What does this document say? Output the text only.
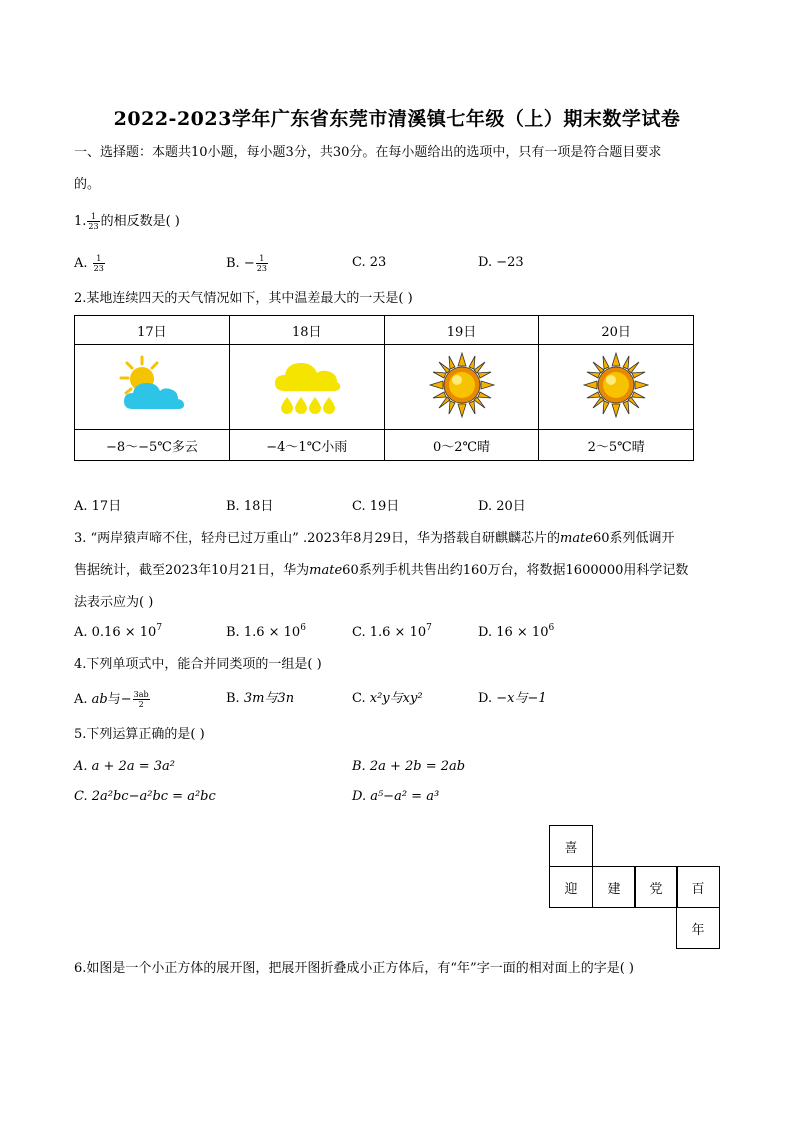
2022-2023学年广东省东莞市清溪镇七年级（上）期末数学试卷
一、选择题：本题共10小题，每小题3分，共30分。在每小题给出的选项中，只有一项是符合题目要求
的。
1. $\frac{1}{23}$ 的相反数是( )
A. $\frac{1}{23}$	B. − $\frac{1}{23}$	C. 23	D. −23
2.某地连续四天的天气情况如下，其中温差最大的一天是( )
17日	18日	19日	20日

−8～−5℃多云	−4～1℃小雨	0～2℃晴	2～5℃晴
A. 17日	B. 18日	C. 19日	D. 20日
3. “两岸猿声啼不住，轻舟已过万重山” .2023年8月29日，华为搭载自研麒麟芯片的mate60系列低调开
售据统计，截至2023年10月21日，华为mate60系列手机共售出约160万台，将数据1600000用科学记数
法表示应为( )
A. $0.16 \times 10^7$	B. $1.6 \times 10^6$	C. $1.6 \times 10^7$	D. $16 \times 10^6$
4.下列单项式中，能合并同类项的一组是( )
A. ab与− $\frac{3ab}{2}$	B. 3m与3n	C. x²y与xy²	D. −x与−1
5.下列运算正确的是( )
A. a + 2a = 3a²	B. 2a + 2b = 2ab
C. 2a²bc−a²bc = a²bc	D. a⁵−a² = a³
喜
迎	建	党	百
年
6.如图是一个小正方体的展开图，把展开图折叠成小正方体后，有“年”字一面的相对面上的字是( )
